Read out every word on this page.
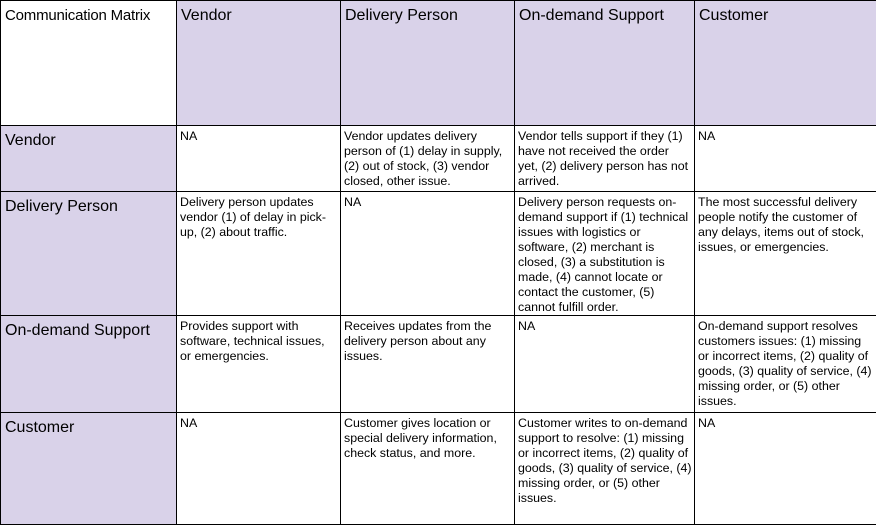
Communication Matrix	Vendor	Delivery Person	On-demand Support	Customer
Vendor	NA	Vendor updates delivery person of (1) delay in supply, (2) out of stock, (3) vendor closed, other issue.	Vendor tells support if they (1) have not received the order yet, (2) delivery person has not arrived.	NA
Delivery Person	Delivery person updates vendor (1) of delay in pick-up, (2) about traffic.	NA	Delivery person requests on-demand support if (1) technical issues with logistics or software, (2) merchant is closed, (3) a substitution is made, (4) cannot locate or contact the customer, (5) cannot fulfill order.	The most successful delivery people notify the customer of any delays, items out of stock, issues, or emergencies.
On-demand Support	Provides support with software, technical issues, or emergencies.	Receives updates from the delivery person about any issues.	NA	On-demand support resolves customers issues: (1) missing or incorrect items, (2) quality of goods, (3) quality of service, (4) missing order, or (5) other issues.
Customer	NA	Customer gives location or special delivery information, check status, and more.	Customer writes to on-demand support to resolve: (1) missing or incorrect items, (2) quality of goods, (3) quality of service, (4) missing order, or (5) other issues.	NA
